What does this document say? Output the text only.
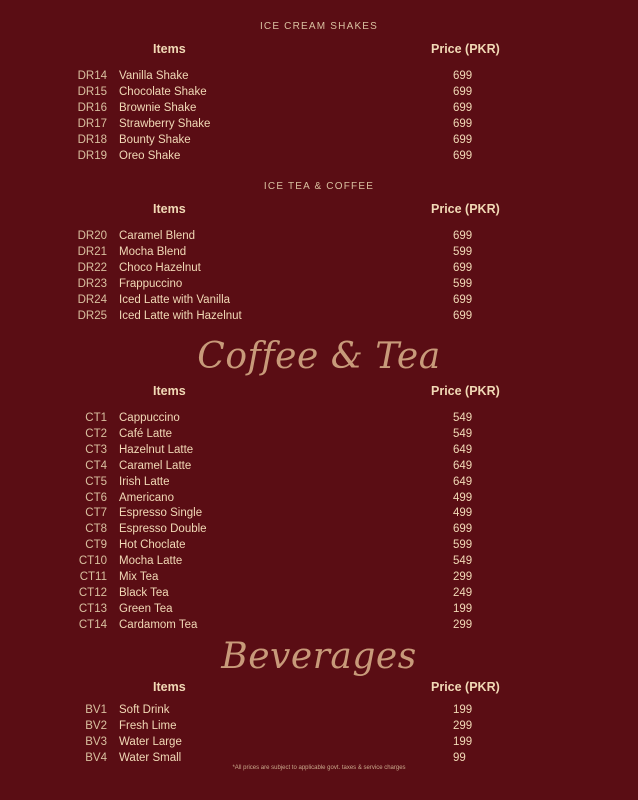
ICE CREAM SHAKES
Items	Price (PKR)
DR14 Vanilla Shake	699
DR15 Chocolate Shake	699
DR16 Brownie Shake	699
DR17 Strawberry Shake	699
DR18 Bounty Shake	699
DR19 Oreo Shake	699
ICE TEA & COFFEE
Items	Price (PKR)
DR20 Caramel Blend	699
DR21 Mocha Blend	599
DR22 Choco Hazelnut	699
DR23 Frappuccino	599
DR24 Iced Latte with Vanilla	699
DR25 Iced Latte with Hazelnut	699
Coffee & Tea
Items	Price (PKR)
CT1 Cappuccino	549
CT2 Café Latte	549
CT3 Hazelnut Latte	649
CT4 Caramel Latte	649
CT5 Irish Latte	649
CT6 Americano	499
CT7 Espresso Single	499
CT8 Espresso Double	699
CT9 Hot Choclate	599
CT10 Mocha Latte	549
CT11 Mix Tea	299
CT12 Black Tea	249
CT13 Green Tea	199
CT14 Cardamom Tea	299
Beverages
Items	Price (PKR)
BV1 Soft Drink	199
BV2 Fresh Lime	299
BV3 Water Large	199
BV4 Water Small	99
*All prices are subject to applicable govt. taxes & service charges
